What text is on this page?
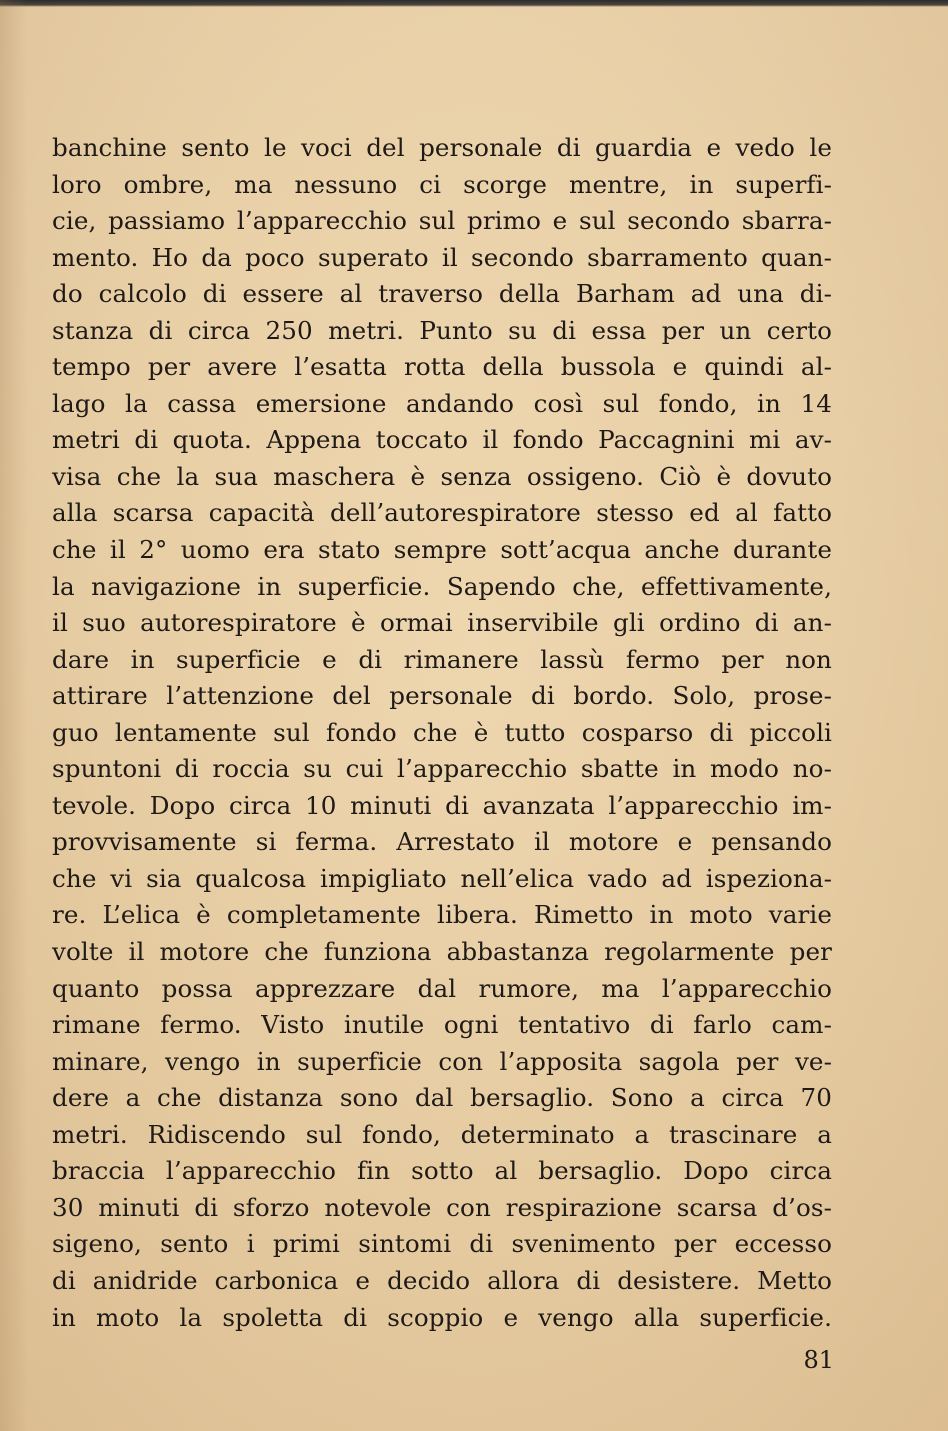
banchine sento le voci del personale di guardia e vedo le
loro ombre, ma nessuno ci scorge mentre, in superfi-
cie, passiamo l’apparecchio sul primo e sul secondo sbarra-
mento. Ho da poco superato il secondo sbarramento quan-
do calcolo di essere al traverso della Barham ad una di-
stanza di circa 250 metri. Punto su di essa per un certo
tempo per avere l’esatta rotta della bussola e quindi al-
lago la cassa emersione andando così sul fondo, in 14
metri di quota. Appena toccato il fondo Paccagnini mi av-
visa che la sua maschera è senza ossigeno. Ciò è dovuto
alla scarsa capacità dell’autorespiratore stesso ed al fatto
che il 2° uomo era stato sempre sott’acqua anche durante
la navigazione in superficie. Sapendo che, effettivamente,
il suo autorespiratore è ormai inservibile gli ordino di an-
dare in superficie e di rimanere lassù fermo per non
attirare l’attenzione del personale di bordo. Solo, prose-
guo lentamente sul fondo che è tutto cosparso di piccoli
spuntoni di roccia su cui l’apparecchio sbatte in modo no-
tevole. Dopo circa 10 minuti di avanzata l’apparecchio im-
provvisamente si ferma. Arrestato il motore e pensando
che vi sia qualcosa impigliato nell’elica vado ad ispeziona-
re. L’elica è completamente libera. Rimetto in moto varie
volte il motore che funziona abbastanza regolarmente per
quanto possa apprezzare dal rumore, ma l’apparecchio
rimane fermo. Visto inutile ogni tentativo di farlo cam-
minare, vengo in superficie con l’apposita sagola per ve-
dere a che distanza sono dal bersaglio. Sono a circa 70
metri. Ridiscendo sul fondo, determinato a trascinare a
braccia l’apparecchio fin sotto al bersaglio. Dopo circa
30 minuti di sforzo notevole con respirazione scarsa d’os-
sigeno, sento i primi sintomi di svenimento per eccesso
di anidride carbonica e decido allora di desistere. Metto
in moto la spoletta di scoppio e vengo alla superficie.
81
